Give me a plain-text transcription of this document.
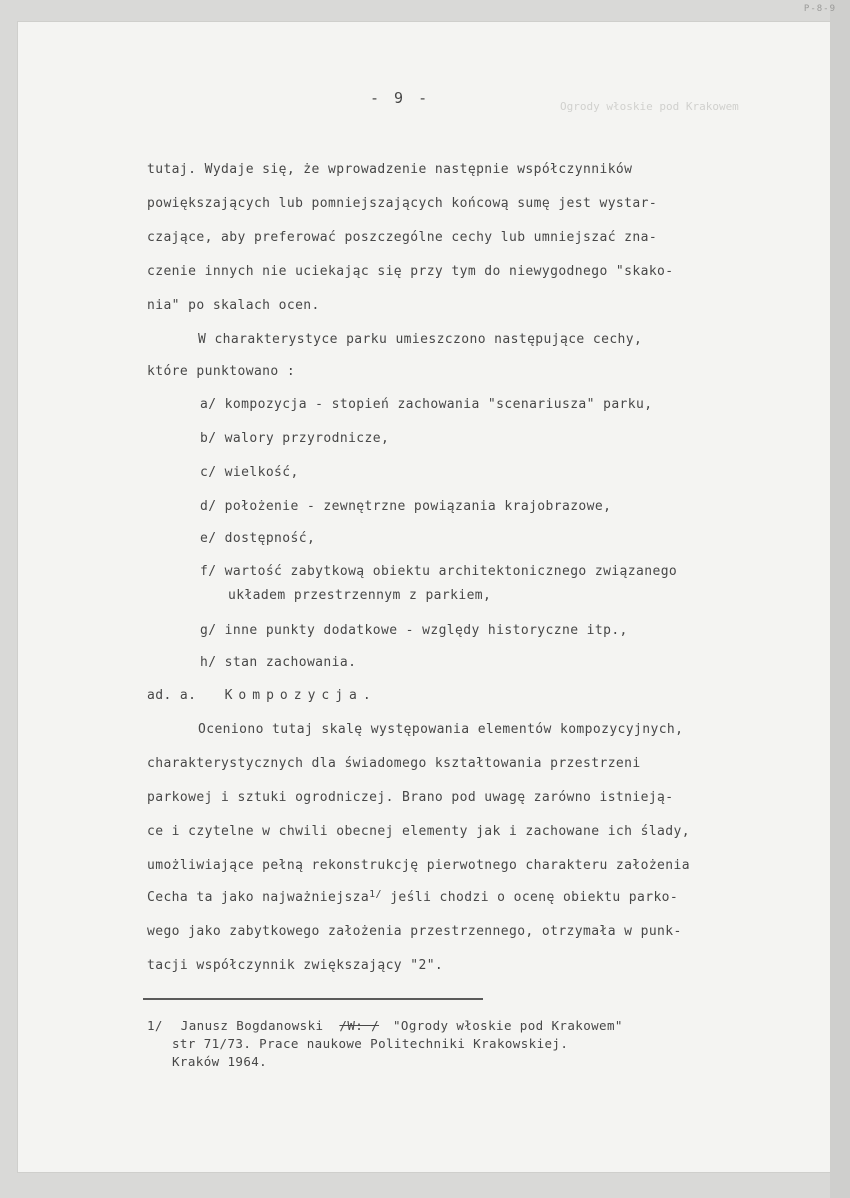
P-8-9
Ogrody włoskie pod Krakowem
- 9 -
tutaj. Wydaje się, że wprowadzenie następnie współczynników
powiększających lub pomniejszających końcową sumę jest wystar-
czające, aby preferować poszczególne cechy lub umniejszać zna-
czenie innych nie uciekając się przy tym do niewygodnego "skako-
nia" po skalach ocen.
W charakterystyce parku umieszczono następujące cechy,
które punktowano :
a/ kompozycja - stopień zachowania "scenariusza" parku,
b/ walory przyrodnicze,
c/ wielkość,
d/ położenie - zewnętrzne powiązania krajobrazowe,
e/ dostępność,
f/ wartość zabytkową obiektu architektonicznego związanego
układem przestrzennym z parkiem,
g/ inne punkty dodatkowe - względy historyczne itp.,
h/ stan zachowania.
ad. a. Kompozycja.
Oceniono tutaj skalę występowania elementów kompozycyjnych,
charakterystycznych dla świadomego kształtowania przestrzeni
parkowej i sztuki ogrodniczej. Brano pod uwagę zarówno istnieją-
ce i czytelne w chwili obecnej elementy jak i zachowane ich ślady,
umożliwiające pełną rekonstrukcję pierwotnego charakteru założenia
Cecha ta jako najważniejsza$^{1/}$ jeśli chodzi o ocenę obiektu parko-
wego jako zabytkowego założenia przestrzennego, otrzymała w punk-
tacji współczynnik zwiększający "2".
1/ Janusz Bogdanowski /W: / "Ogrody włoskie pod Krakowem"
str 71/73. Prace naukowe Politechniki Krakowskiej.
Kraków 1964.
